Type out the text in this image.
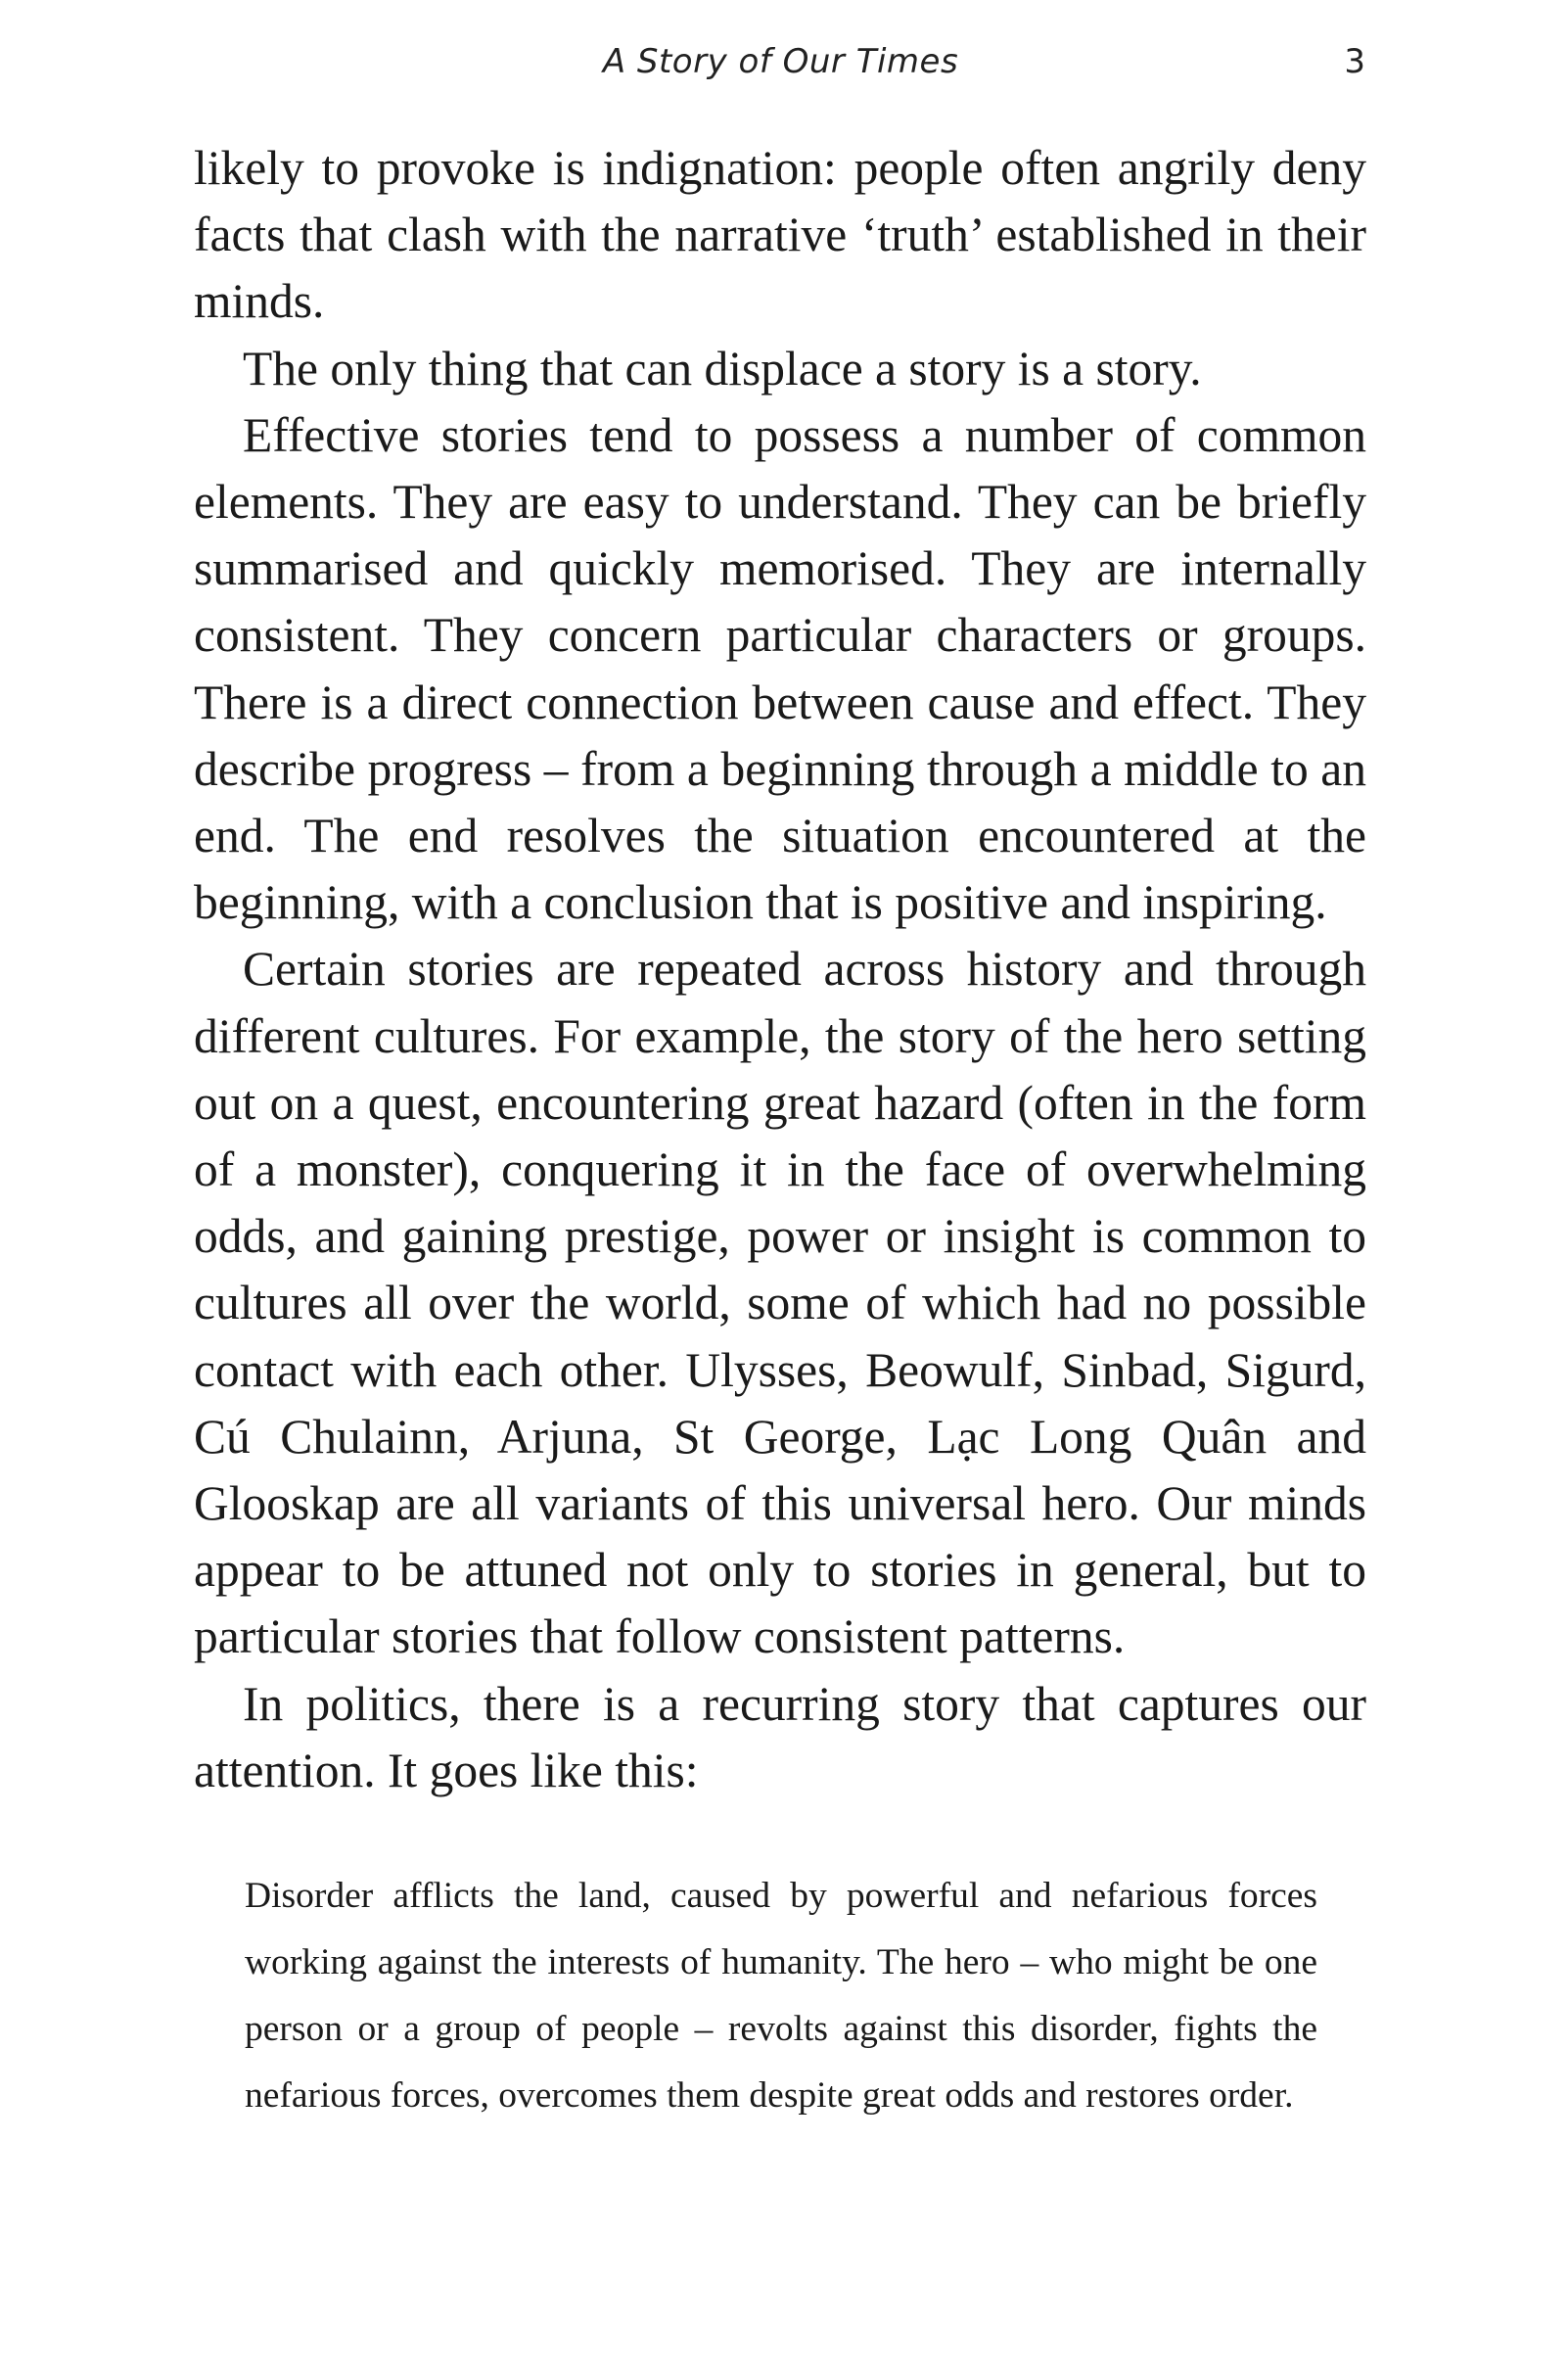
A Story of Our Times	3

likely to provoke is indignation: people often angrily deny facts that clash with the narrative ‘truth’ established in their minds.

The only thing that can displace a story is a story.

Effective stories tend to possess a number of common elements. They are easy to understand. They can be briefly summarised and quickly memorised. They are internally consistent. They concern particular characters or groups. There is a direct connection between cause and effect. They describe progress – from a beginning through a middle to an end. The end resolves the situation encountered at the beginning, with a conclusion that is positive and inspiring.

Certain stories are repeated across history and through different cultures. For example, the story of the hero setting out on a quest, encountering great hazard (often in the form of a monster), conquering it in the face of overwhelming odds, and gaining prestige, power or insight is common to cultures all over the world, some of which had no possible contact with each other. Ulysses, Beowulf, Sinbad, Sigurd, Cú Chulainn, Arjuna, St George, Lạc Long Quân and Glooskap are all variants of this universal hero. Our minds appear to be attuned not only to stories in general, but to particular stories that follow consistent patterns.

In politics, there is a recurring story that captures our attention. It goes like this:

Disorder afflicts the land, caused by powerful and nefarious forces working against the interests of humanity. The hero – who might be one person or a group of people – revolts against this disorder, fights the nefarious forces, overcomes them despite great odds and restores order.
